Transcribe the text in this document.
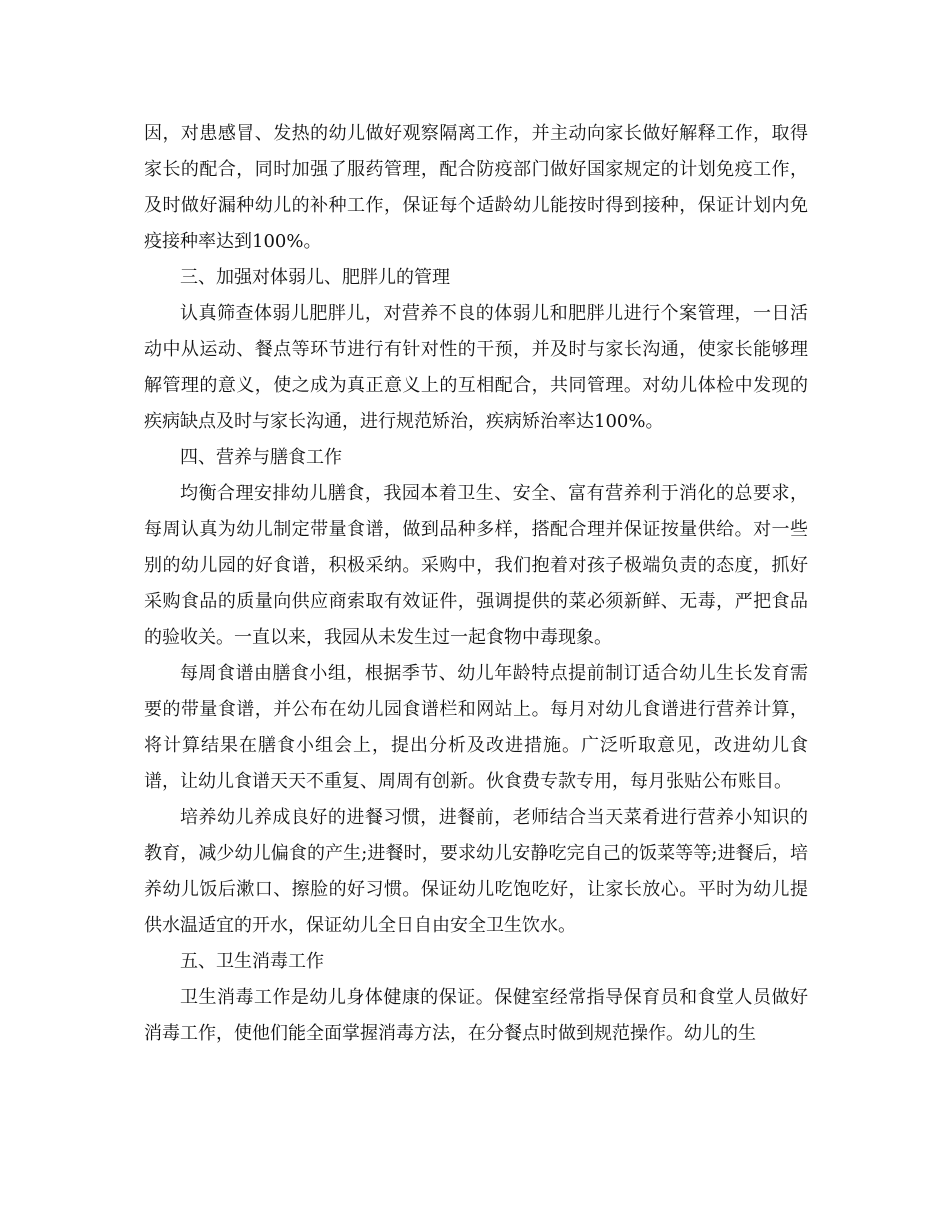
因，对患感冒、发热的幼儿做好观察隔离工作，并主动向家长做好解释工作，取得家长的配合，同时加强了服药管理，配合防疫部门做好国家规定的计划免疫工作，及时做好漏种幼儿的补种工作，保证每个适龄幼儿能按时得到接种，保证计划内免疫接种率达到100%。

三、加强对体弱儿、肥胖儿的管理

认真筛查体弱儿肥胖儿，对营养不良的体弱儿和肥胖儿进行个案管理，一日活动中从运动、餐点等环节进行有针对性的干预，并及时与家长沟通，使家长能够理解管理的意义，使之成为真正意义上的互相配合，共同管理。对幼儿体检中发现的疾病缺点及时与家长沟通，进行规范矫治，疾病矫治率达100%。

四、营养与膳食工作

均衡合理安排幼儿膳食，我园本着卫生、安全、富有营养利于消化的总要求，每周认真为幼儿制定带量食谱，做到品种多样，搭配合理并保证按量供给。对一些别的幼儿园的好食谱，积极采纳。采购中，我们抱着对孩子极端负责的态度，抓好采购食品的质量向供应商索取有效证件，强调提供的菜必须新鲜、无毒，严把食品的验收关。一直以来，我园从未发生过一起食物中毒现象。

每周食谱由膳食小组，根据季节、幼儿年龄特点提前制订适合幼儿生长发育需要的带量食谱，并公布在幼儿园食谱栏和网站上。每月对幼儿食谱进行营养计算，将计算结果在膳食小组会上，提出分析及改进措施。广泛听取意见，改进幼儿食谱，让幼儿食谱天天不重复、周周有创新。伙食费专款专用，每月张贴公布账目。

培养幼儿养成良好的进餐习惯，进餐前，老师结合当天菜肴进行营养小知识的教育，减少幼儿偏食的产生;进餐时，要求幼儿安静吃完自己的饭菜等等;进餐后，培养幼儿饭后漱口、擦脸的好习惯。保证幼儿吃饱吃好，让家长放心。平时为幼儿提供水温适宜的开水，保证幼儿全日自由安全卫生饮水。

五、卫生消毒工作

卫生消毒工作是幼儿身体健康的保证。保健室经常指导保育员和食堂人员做好消毒工作，使他们能全面掌握消毒方法，在分餐点时做到规范操作。幼儿的生
